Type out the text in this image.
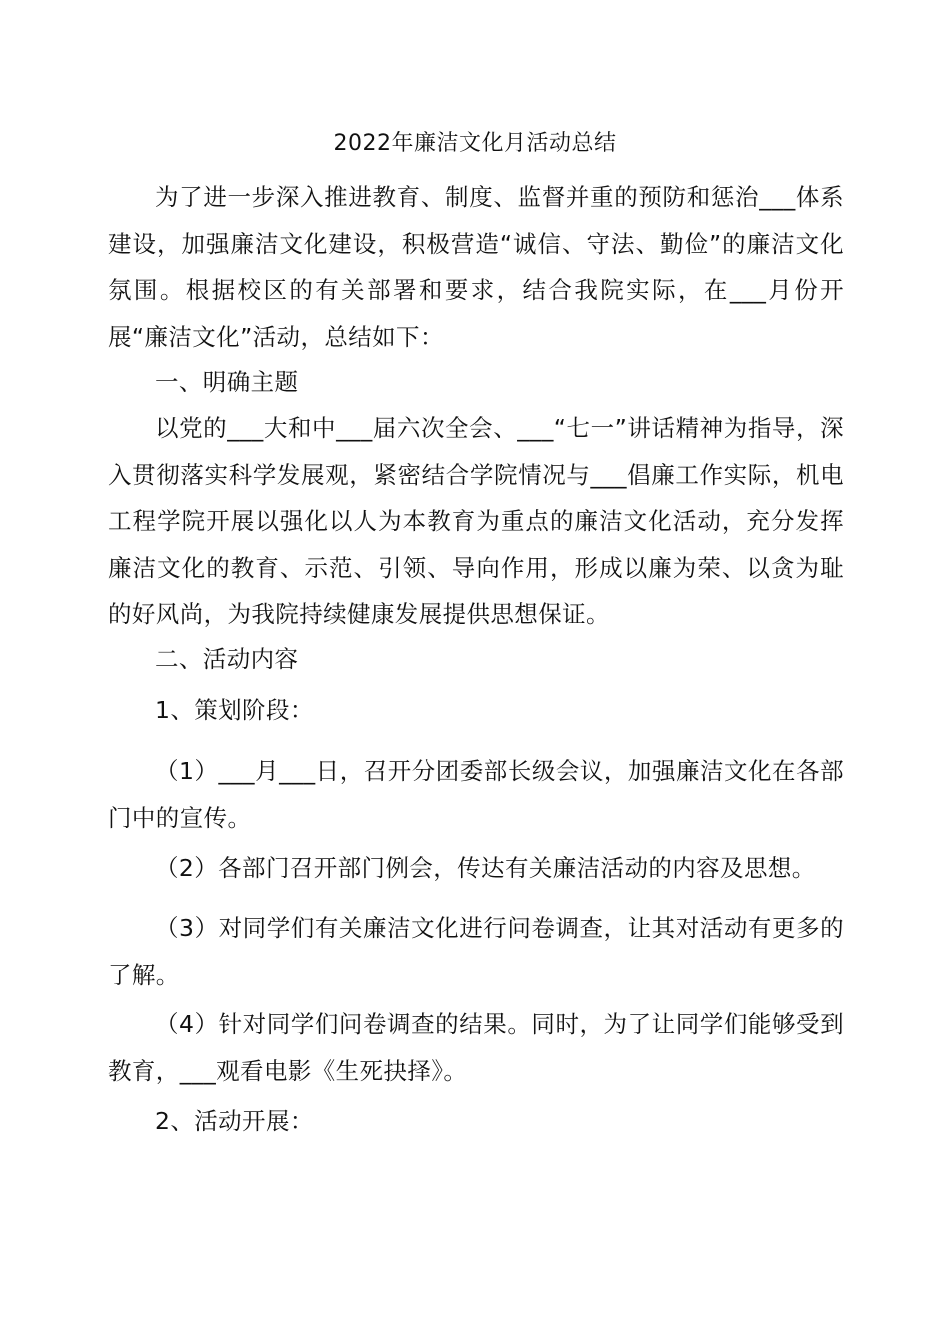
2022年廉洁文化月活动总结

为了进一步深入推进教育、制度、监督并重的预防和惩治___体系建设，加强廉洁文化建设，积极营造“诚信、守法、勤俭”的廉洁文化氛围。根据校区的有关部署和要求，结合我院实际，在___月份开展“廉洁文化”活动，总结如下：

一、明确主题

以党的___大和中___届六次全会、___“七一”讲话精神为指导，深入贯彻落实科学发展观，紧密结合学院情况与___倡廉工作实际，机电工程学院开展以强化以人为本教育为重点的廉洁文化活动，充分发挥廉洁文化的教育、示范、引领、导向作用，形成以廉为荣、以贪为耻的好风尚，为我院持续健康发展提供思想保证。

二、活动内容

1、策划阶段：

（1）___月___日，召开分团委部长级会议，加强廉洁文化在各部门中的宣传。

（2）各部门召开部门例会，传达有关廉洁活动的内容及思想。

（3）对同学们有关廉洁文化进行问卷调查，让其对活动有更多的了解。

（4）针对同学们问卷调查的结果。同时，为了让同学们能够受到教育，___观看电影《生死抉择》。

2、活动开展：
